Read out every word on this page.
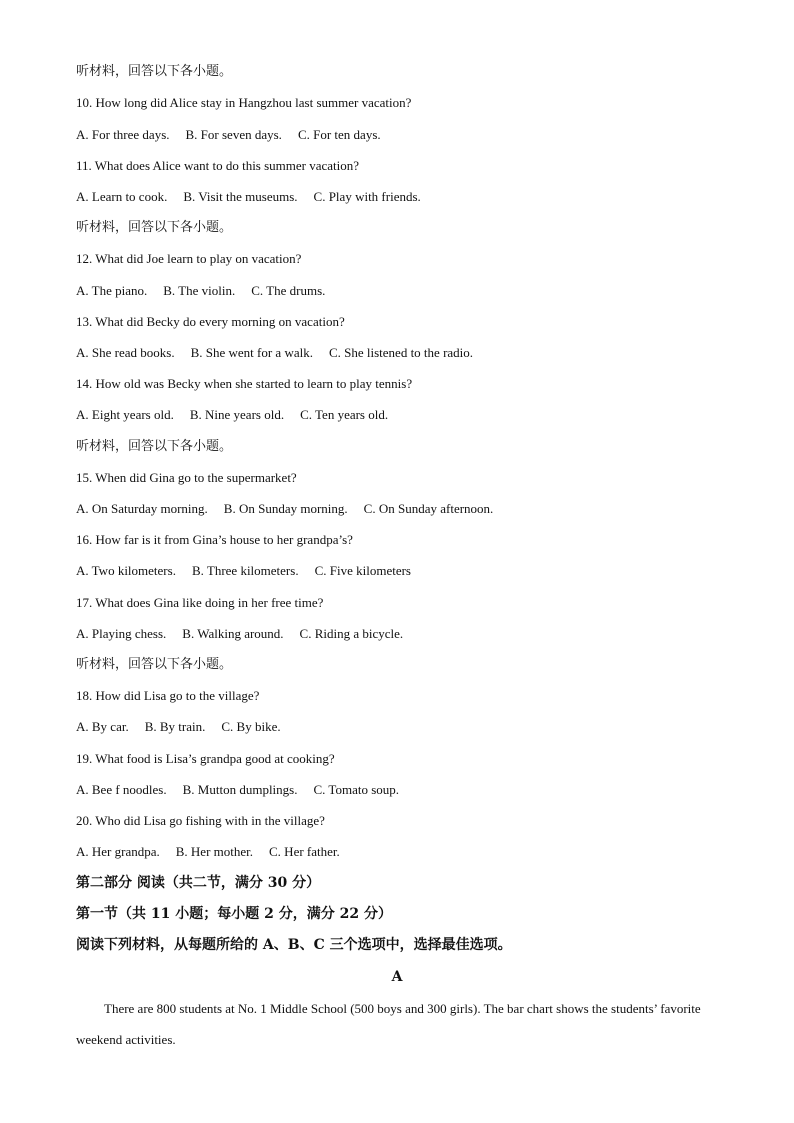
听材料，回答以下各小题。
10. How long did Alice stay in Hangzhou last summer vacation?
A. For three days. B. For seven days. C. For ten days.
11. What does Alice want to do this summer vacation?
A. Learn to cook. B. Visit the museums. C. Play with friends.
听材料，回答以下各小题。
12. What did Joe learn to play on vacation?
A. The piano. B. The violin. C. The drums.
13. What did Becky do every morning on vacation?
A. She read books. B. She went for a walk. C. She listened to the radio.
14. How old was Becky when she started to learn to play tennis?
A. Eight years old. B. Nine years old. C. Ten years old.
听材料，回答以下各小题。
15. When did Gina go to the supermarket?
A. On Saturday morning. B. On Sunday morning. C. On Sunday afternoon.
16. How far is it from Gina’s house to her grandpa’s?
A. Two kilometers. B. Three kilometers. C. Five kilometers
17. What does Gina like doing in her free time?
A. Playing chess. B. Walking around. C. Riding a bicycle.
听材料，回答以下各小题。
18. How did Lisa go to the village?
A. By car. B. By train. C. By bike.
19. What food is Lisa’s grandpa good at cooking?
A. Bee f noodles. B. Mutton dumplings. C. Tomato soup.
20. Who did Lisa go fishing with in the village?
A. Her grandpa. B. Her mother. C. Her father.
第二部分 阅读（共二节，满分 30 分）
第一节（共 11 小题；每小题 2 分，满分 22 分）
阅读下列材料，从每题所给的 A、B、C 三个选项中，选择最佳选项。
A
There are 800 students at No. 1 Middle School (500 boys and 300 girls). The bar chart shows the students’ favorite weekend activities.
